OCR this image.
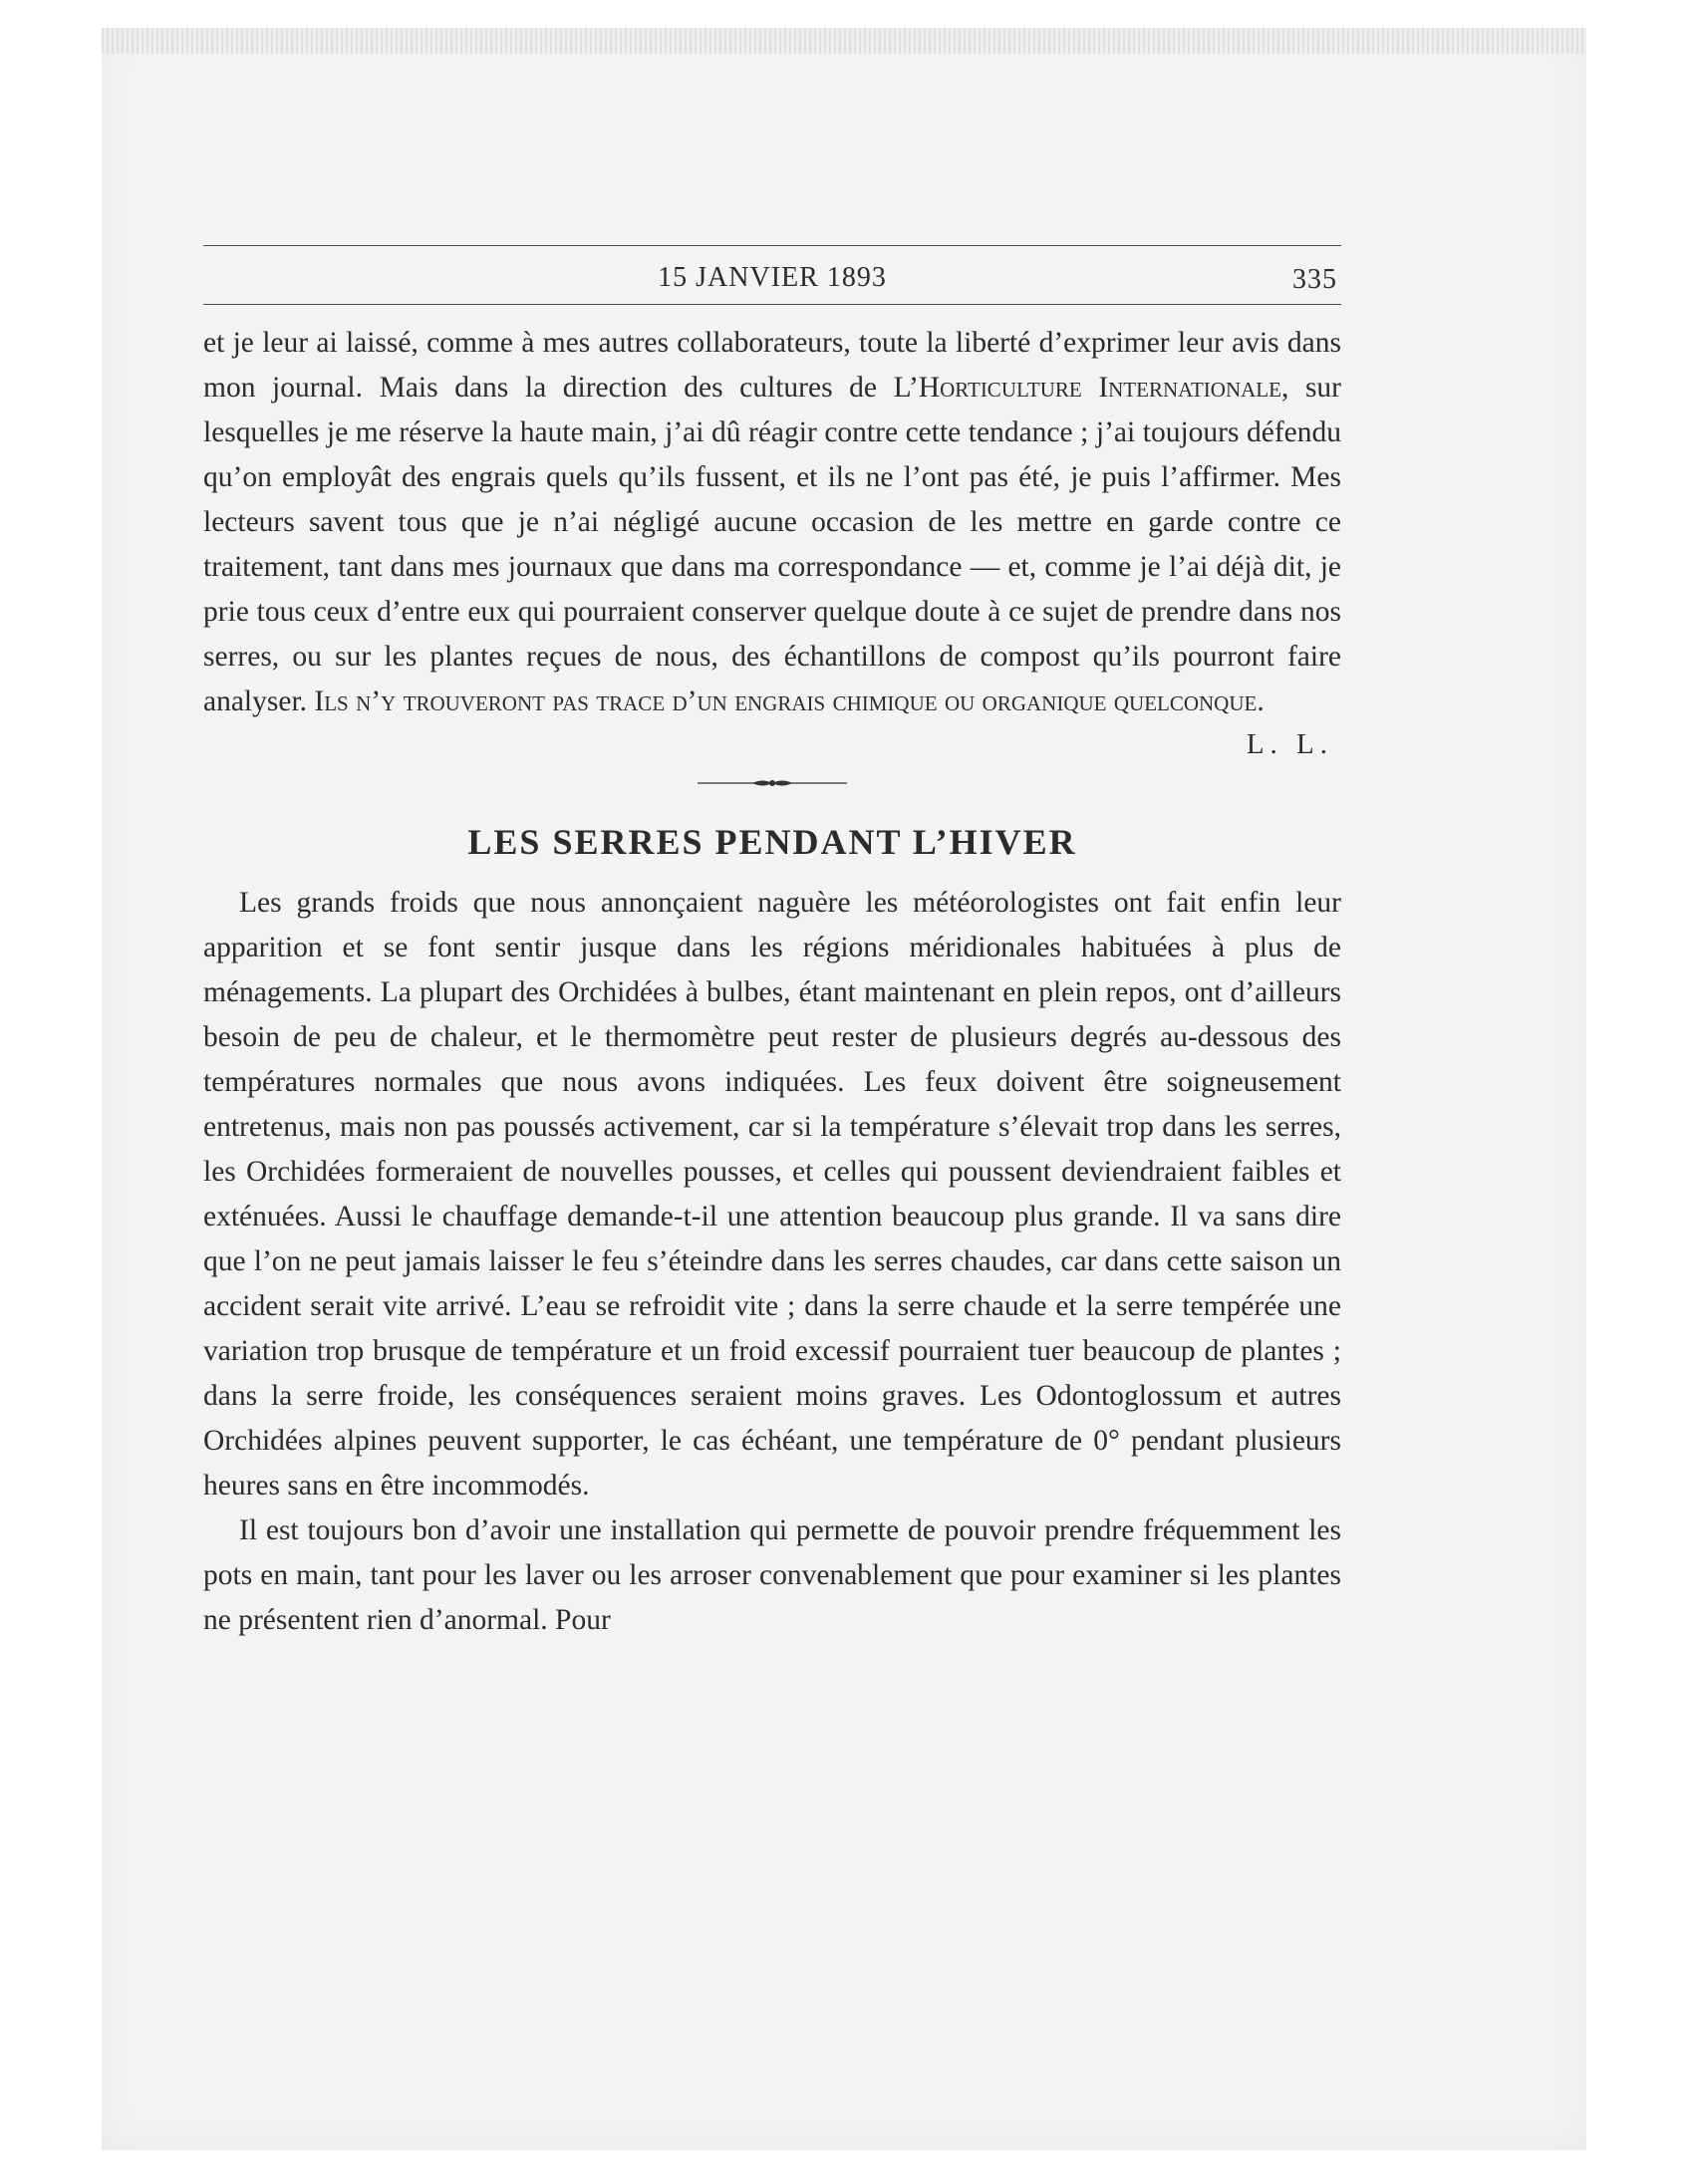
15 JANVIER 1893	335

et je leur ai laissé, comme à mes autres collaborateurs, toute la liberté d’exprimer leur avis dans mon journal. Mais dans la direction des cultures de L’Horticulture Internationale, sur lesquelles je me réserve la haute main, j’ai dû réagir contre cette tendance ; j’ai toujours défendu qu’on employât des engrais quels qu’ils fussent, et ils ne l’ont pas été, je puis l’affirmer. Mes lecteurs savent tous que je n’ai négligé aucune occasion de les mettre en garde contre ce traitement, tant dans mes journaux que dans ma correspondance — et, comme je l’ai déjà dit, je prie tous ceux d’entre eux qui pourraient conserver quelque doute à ce sujet de prendre dans nos serres, ou sur les plantes reçues de nous, des échantillons de compost qu’ils pourront faire analyser. Ils n’y trouveront pas trace d’un engrais chimique ou organique quelconque.

L. L.
LES SERRES PENDANT L’HIVER

Les grands froids que nous annonçaient naguère les météorologistes ont fait enfin leur apparition et se font sentir jusque dans les régions méridionales habituées à plus de ménagements. La plupart des Orchidées à bulbes, étant maintenant en plein repos, ont d’ailleurs besoin de peu de chaleur, et le thermomètre peut rester de plusieurs degrés au-dessous des températures normales que nous avons indiquées. Les feux doivent être soigneusement entretenus, mais non pas poussés activement, car si la température s’élevait trop dans les serres, les Orchidées formeraient de nouvelles pousses, et celles qui poussent deviendraient faibles et exténuées. Aussi le chauffage demande-t-il une attention beaucoup plus grande. Il va sans dire que l’on ne peut jamais laisser le feu s’éteindre dans les serres chaudes, car dans cette saison un accident serait vite arrivé. L’eau se refroidit vite ; dans la serre chaude et la serre tempérée une variation trop brusque de température et un froid excessif pourraient tuer beaucoup de plantes ; dans la serre froide, les conséquences seraient moins graves. Les Odontoglossum et autres Orchidées alpines peuvent supporter, le cas échéant, une température de 0° pendant plusieurs heures sans en être incommodés.

Il est toujours bon d’avoir une installation qui permette de pouvoir prendre fréquemment les pots en main, tant pour les laver ou les arroser convenablement que pour examiner si les plantes ne présentent rien d’anormal. Pour
